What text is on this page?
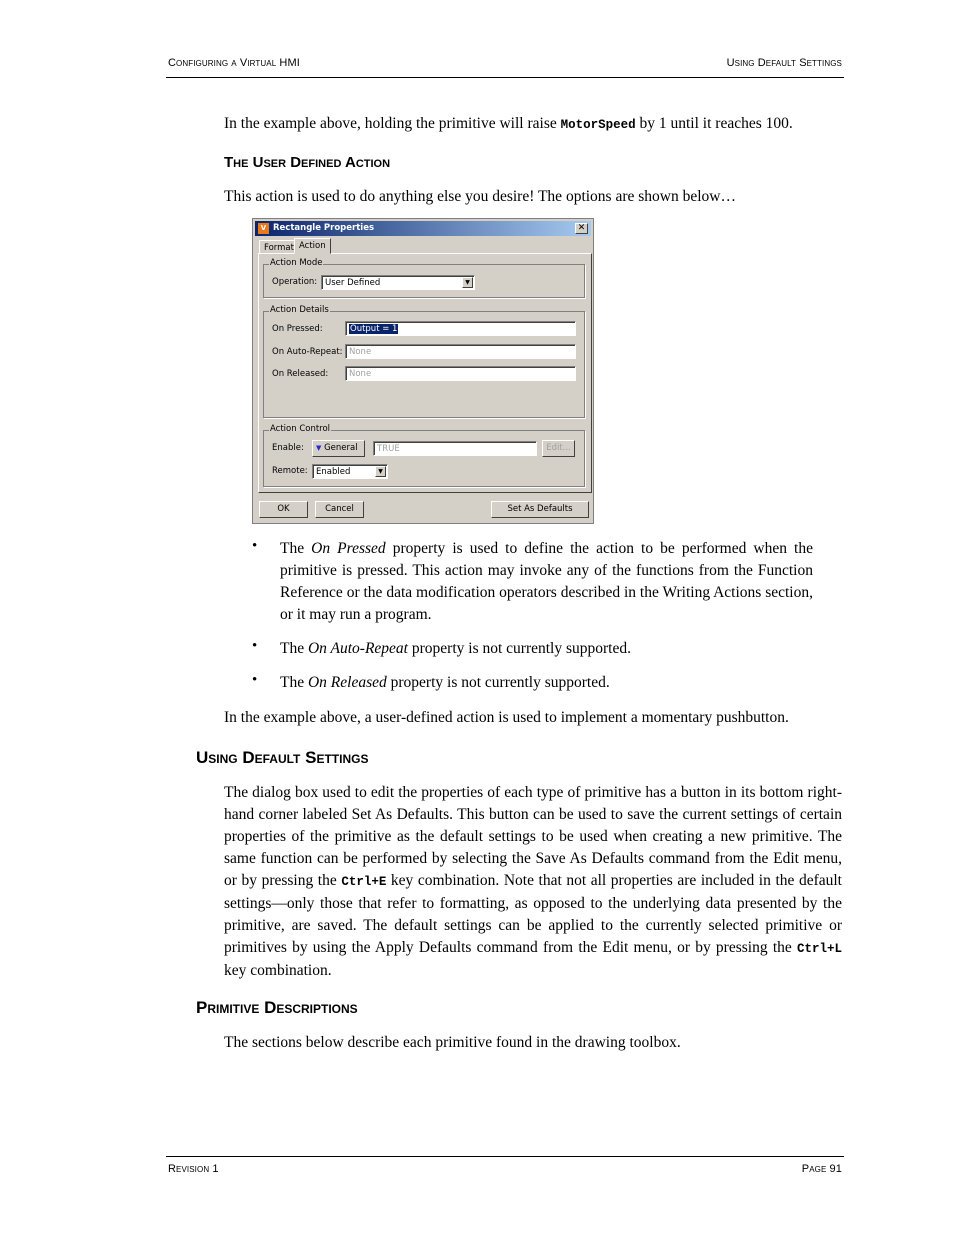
Configuring a Virtual HMI	Using Default Settings
In the example above, holding the primitive will raise MotorSpeed by 1 until it reaches 100.
The User Defined Action
This action is used to do anything else you desire! The options are shown below…
V Rectangle Properties	✕
Format Action
Action Mode
Operation: User Defined	▼
Action Details
On Pressed:	Output = 1
On Auto-Repeat: None
On Released:	None
Action Control
Enable:	▼ General	TRUE	Edit...
Remote: Enabled	▼
OK	Cancel	Set As Defaults
• The On Pressed property is used to define the action to be performed when the primitive is pressed. This action may invoke any of the functions from the Function Reference or the data modification operators described in the Writing Actions section, or it may run a program.
• The On Auto-Repeat property is not currently supported.
• The On Released property is not currently supported.
In the example above, a user-defined action is used to implement a momentary pushbutton.
Using Default Settings
The dialog box used to edit the properties of each type of primitive has a button in its bottom right-hand corner labeled Set As Defaults. This button can be used to save the current settings of certain properties of the primitive as the default settings to be used when creating a new primitive. The same function can be performed by selecting the Save As Defaults command from the Edit menu, or by pressing the Ctrl+E key combination. Note that not all properties are included in the default settings—only those that refer to formatting, as opposed to the underlying data presented by the primitive, are saved. The default settings can be applied to the currently selected primitive or primitives by using the Apply Defaults command from the Edit menu, or by pressing the Ctrl+L key combination.
Primitive Descriptions
The sections below describe each primitive found in the drawing toolbox.
Revision 1	Page 91
